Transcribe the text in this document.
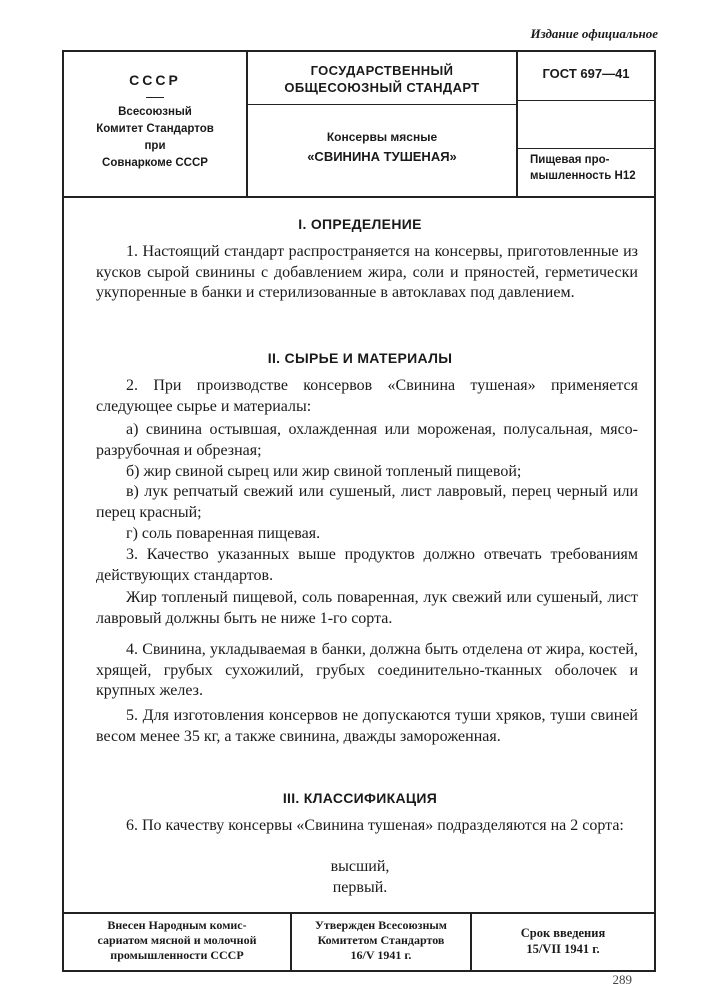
Издание официальное
СССР
Всесоюзный
Комитет Стандартов
при
Совнаркоме СССР
ГОСУДАРСТВЕННЫЙ
ОБЩЕСОЮЗНЫЙ СТАНДАРТ
Консервы мясные
«СВИНИНА ТУШЕНАЯ»
ГОСТ 697—41
Пищевая про-
мышленность Н12
I. ОПРЕДЕЛЕНИЕ

1. Настоящий стандарт распространяется на консервы, приготовленные из кусков сырой свинины с добавлением жира, соли и пряностей, герметически укупоренные в банки и стерилизованные в автоклавах под давлением.

II. СЫРЬЕ И МАТЕРИАЛЫ

2. При производстве консервов «Свинина тушеная» применяется следующее сырье и материалы:

а) свинина остывшая, охлажденная или мороженая, полусальная, мясо-разрубочная и обрезная;

б) жир свиной сырец или жир свиной топленый пищевой;

в) лук репчатый свежий или сушеный, лист лавровый, перец черный или перец красный;

г) соль поваренная пищевая.

3. Качество указанных выше продуктов должно отвечать требованиям действующих стандартов.

Жир топленый пищевой, соль поваренная, лук свежий или сушеный, лист лавровый должны быть не ниже 1-го сорта.

4. Свинина, укладываемая в банки, должна быть отделена от жира, костей, хрящей, грубых сухожилий, грубых соединительно-тканных оболочек и крупных желез.

5. Для изготовления консервов не допускаются туши хряков, туши свиней весом менее 35 кг, а также свинина, дважды замороженная.

III. КЛАССИФИКАЦИЯ

6. По качеству консервы «Свинина тушеная» подразделяются на 2 сорта:

высший,
первый.
Внесен Народным комис-
сариатом мясной и молочной
промышленности СССР
Утвержден Всесоюзным
Комитетом Стандартов
16/V 1941 г.
Срок введения
15/VII 1941 г.
289
